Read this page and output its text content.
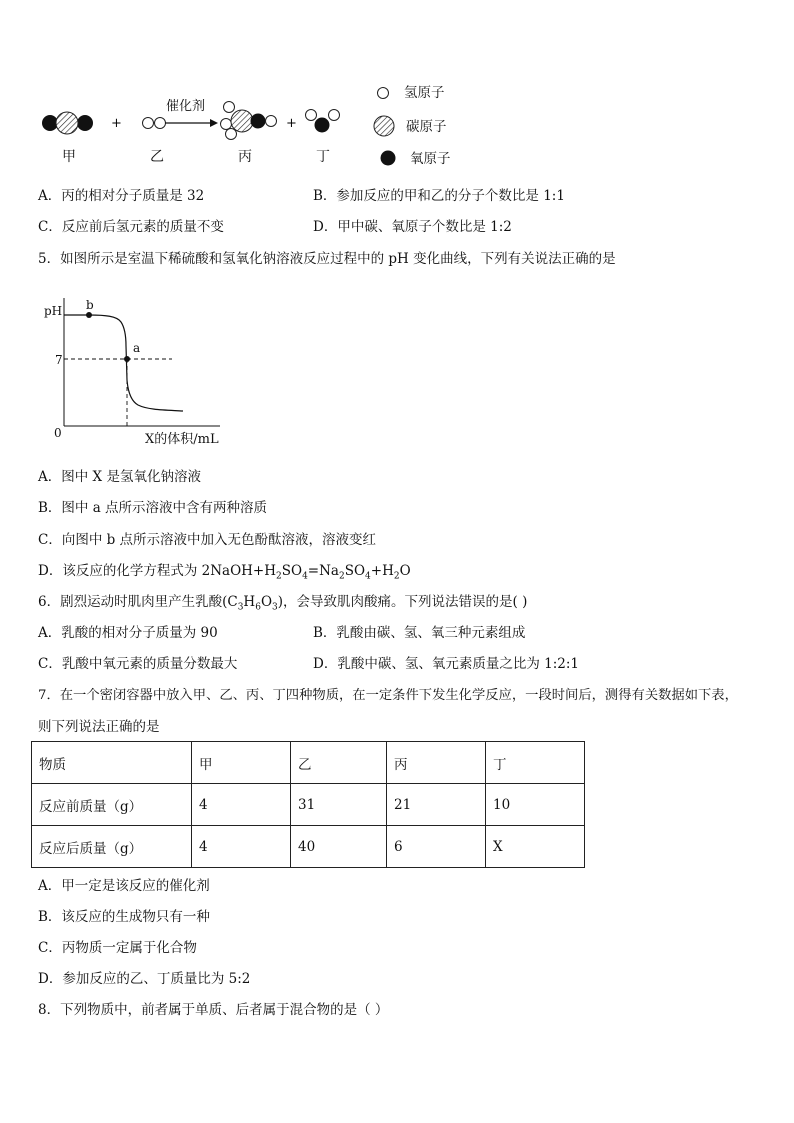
+	+
催化剂
甲	乙	丙	丁
氢原子
碳原子
氧原子
A．丙的相对分子质量是 32	B．参加反应的甲和乙的分子个数比是 1:1
C．反应前后氢元素的质量不变	D．甲中碳、氧原子个数比是 1:2
5．如图所示是室温下稀硫酸和氢氧化钠溶液反应过程中的 pH 变化曲线，下列有关说法正确的是
pH
7
0
b
a
X的体积/mL
A．图中 X 是氢氧化钠溶液
B．图中 a 点所示溶液中含有两种溶质
C．向图中 b 点所示溶液中加入无色酚酞溶液，溶液变红
D．该反应的化学方程式为 $2NaOH+H_2SO_4=Na_2SO_4+H_2O$
6．剧烈运动时肌肉里产生乳酸$(C_3H_6O_3)$，会导致肌肉酸痛。下列说法错误的是( )
A．乳酸的相对分子质量为 90	B．乳酸由碳、氢、氧三种元素组成
C．乳酸中氧元素的质量分数最大	D．乳酸中碳、氢、氧元素质量之比为 1:2:1
7．在一个密闭容器中放入甲、乙、丙、丁四种物质，在一定条件下发生化学反应，一段时间后，测得有关数据如下表，
则下列说法正确的是
物质	甲	乙	丙	丁
反应前质量（g）	4	31	21	10
反应后质量（g）	4	40	6	X
A．甲一定是该反应的催化剂
B．该反应的生成物只有一种
C．丙物质一定属于化合物
D．参加反应的乙、丁质量比为 5:2
8．下列物质中，前者属于单质、后者属于混合物的是（ ）
